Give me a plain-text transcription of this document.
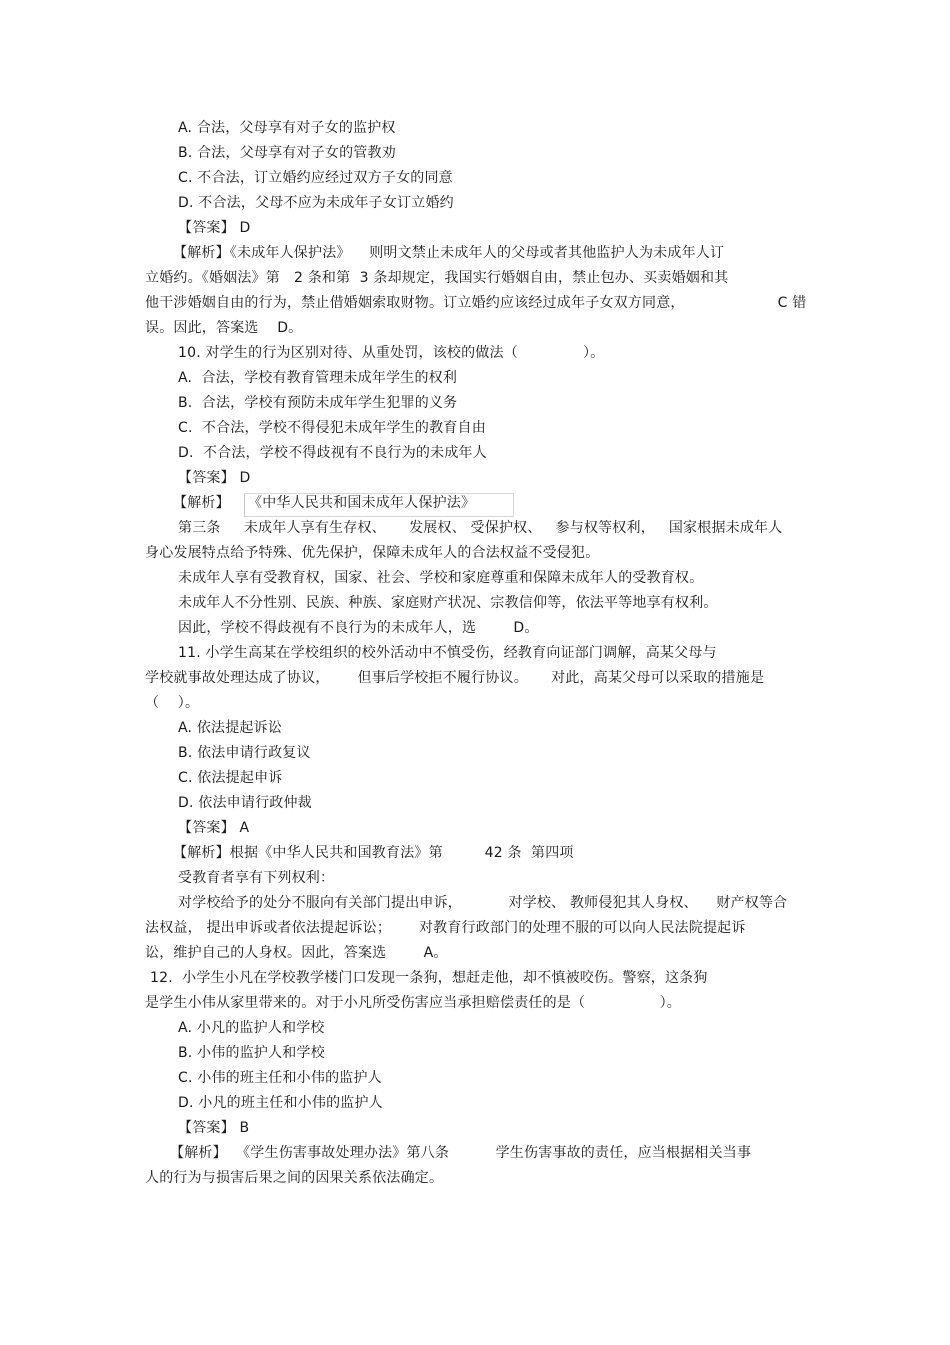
A. 合法，父母享有对子女的监护权
B. 合法，父母享有对子女的管教劝
C. 不合法，订立婚约应经过双方子女的同意
D. 不合法，父母不应为未成年子女订立婚约
【答案】 D
【解析】《未成年人保护法》    则明文禁止未成年人的父母或者其他监护人为未成年人订
立婚约。《婚姻法》第   2 条和第  3 条却规定，我国实行婚姻自由，禁止包办、买卖婚姻和其
他干涉婚姻自由的行为，禁止借婚姻索取财物。订立婚约应该经过成年子女双方同意，                    C 错
误。因此，答案选    D。
10. 对学生的行为区别对待、从重处罚，该校的做法（              ）。
A.  合法，学校有教育管理未成年学生的权利
B.  合法，学校有预防未成年学生犯罪的义务
C.  不合法，学校不得侵犯未成年学生的教育自由
D.  不合法，学校不得歧视有不良行为的未成年人
【答案】 D
【解析】 《中华人民共和国未成年人保护法》
第三条     未成年人享有生存权、     发展权、 受保护权、   参与权等权利，   国家根据未成年人
身心发展特点给予特殊、优先保护，保障未成年人的合法权益不受侵犯。
未成年人享有受教育权，国家、社会、学校和家庭尊重和保障未成年人的受教育权。
未成年人不分性别、民族、种族、家庭财产状况、宗教信仰等，依法平等地享有权利。
因此，学校不得歧视有不良行为的未成年人，选        D。
11. 小学生高某在学校组织的校外活动中不慎受伤，经教育向证部门调解，高某父母与
学校就事故处理达成了协议，      但事后学校拒不履行协议。     对此，高某父母可以采取的措施是
（    ）。
A. 依法提起诉讼
B. 依法申请行政复议
C. 依法提起申诉
D. 依法申请行政仲裁
【答案】 A
【解析】根据《中华人民共和国教育法》第         42 条  第四项
受教育者享有下列权利：
对学校给予的处分不服向有关部门提出申诉，          对学校、 教师侵犯其人身权、    财产权等合
法权益， 提出申诉或者依法提起诉讼；      对教育行政部门的处理不服的可以向人民法院提起诉
讼，维护自己的人身权。因此，答案选        A。
12.  小学生小凡在学校教学楼门口发现一条狗，想赶走他，却不慎被咬伤。警察，这条狗
是学生小伟从家里带来的。对于小凡所受伤害应当承担赔偿责任的是（                ）。
A. 小凡的监护人和学校
B. 小伟的监护人和学校
C. 小伟的班主任和小伟的监护人
D. 小凡的班主任和小伟的监护人
【答案】 B
【解析】  《学生伤害事故处理办法》第八条          学生伤害事故的责任，应当根据相关当事
人的行为与损害后果之间的因果关系依法确定。
